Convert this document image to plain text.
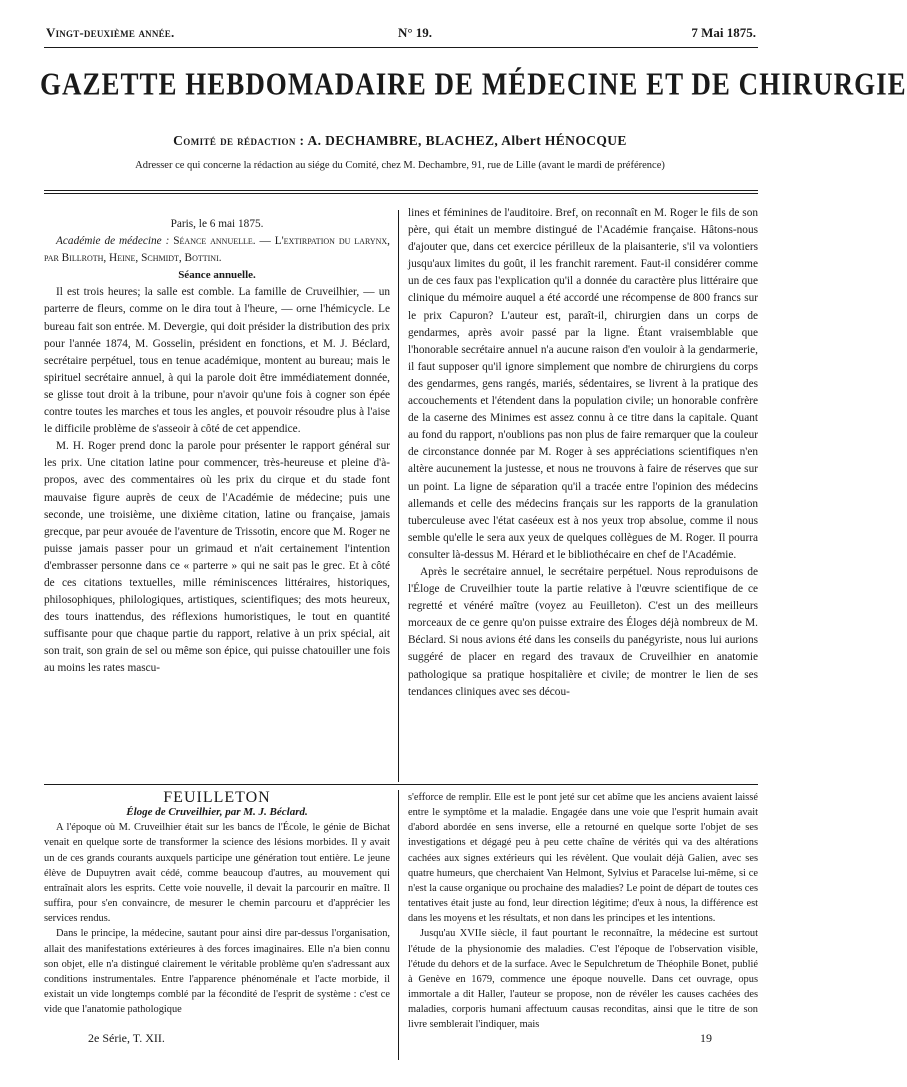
Vingt-deuxième année.	N° 19.	7 Mai 1875.
GAZETTE HEBDOMADAIRE DE MÉDECINE ET DE CHIRURGIE
Comité de rédaction : A. DECHAMBRE, BLACHEZ, Albert HÉNOCQUE
Adresser ce qui concerne la rédaction au siége du Comité, chez M. Dechambre, 91, rue de Lille (avant le mardi de préférence)

Paris, le 6 mai 1875.

Académie de médecine : Séance annuelle. — L'extirpation du larynx, par Billroth, Heine, Schmidt, Bottini.

Séance annuelle.

Il est trois heures; la salle est comble. La famille de Cruveilhier, — un parterre de fleurs, comme on le dira tout à l'heure, — orne l'hémicycle. Le bureau fait son entrée. M. Devergie, qui doit présider la distribution des prix pour l'année 1874, M. Gosselin, président en fonctions, et M. J. Béclard, secrétaire perpétuel, tous en tenue académique, montent au bureau; mais le spirituel secrétaire annuel, à qui la parole doit être immédiatement donnée, se glisse tout droit à la tribune, pour n'avoir qu'une fois à cogner son épée contre toutes les marches et tous les angles, et pouvoir résoudre plus à l'aise le difficile problème de s'asseoir à côté de cet appendice.

M. H. Roger prend donc la parole pour présenter le rapport général sur les prix. Une citation latine pour commencer, très-heureuse et pleine d'à-propos, avec des commentaires où les prix du cirque et du stade font mauvaise figure auprès de ceux de l'Académie de médecine; puis une seconde, une troisième, une dixième citation, latine ou française, jamais grecque, par peur avouée de l'aventure de Trissotin, encore que M. Roger ne puisse jamais passer pour un grimaud et n'ait certainement l'intention d'embrasser personne dans ce « parterre » qui ne sait pas le grec. Et à côté de ces citations textuelles, mille réminiscences littéraires, historiques, philosophiques, philologiques, artistiques, scientifiques; des mots heureux, des tours inattendus, des réflexions humoristiques, le tout en quantité suffisante pour que chaque partie du rapport, relative à un prix spécial, ait son trait, son grain de sel ou même son épice, qui puisse chatouiller une fois au moins les rates mascu-

lines et féminines de l'auditoire. Bref, on reconnaît en M. Roger le fils de son père, qui était un membre distingué de l'Académie française. Hâtons-nous d'ajouter que, dans cet exercice périlleux de la plaisanterie, s'il va volontiers jusqu'aux limites du goût, il les franchit rarement. Faut-il considérer comme un de ces faux pas l'explication qu'il a donnée du caractère plus littéraire que clinique du mémoire auquel a été accordé une récompense de 800 francs sur le prix Capuron? L'auteur est, paraît-il, chirurgien dans un corps de gendarmes, après avoir passé par la ligne. Étant vraisemblable que l'honorable secrétaire annuel n'a aucune raison d'en vouloir à la gendarmerie, il faut supposer qu'il ignore simplement que nombre de chirurgiens du corps des gendarmes, gens rangés, mariés, sédentaires, se livrent à la pratique des accouchements et l'étendent dans la population civile; un honorable confrère de la caserne des Minimes est assez connu à ce titre dans la capitale. Quant au fond du rapport, n'oublions pas non plus de faire remarquer que la couleur de circonstance donnée par M. Roger à ses appréciations scientifiques n'en altère aucunement la justesse, et nous ne trouvons à faire de réserves que sur un point. La ligne de séparation qu'il a tracée entre l'opinion des médecins allemands et celle des médecins français sur les rapports de la granulation tuberculeuse avec l'état caséeux est à nos yeux trop absolue, comme il nous semble qu'elle le sera aux yeux de quelques collègues de M. Roger. Il pourra consulter là-dessus M. Hérard et le bibliothécaire en chef de l'Académie.

Après le secrétaire annuel, le secrétaire perpétuel. Nous reproduisons de l'Éloge de Cruveilhier toute la partie relative à l'œuvre scientifique de ce regretté et vénéré maître (voyez au Feuilleton). C'est un des meilleurs morceaux de ce genre qu'on puisse extraire des Éloges déjà nombreux de M. Béclard. Si nous avions été dans les conseils du panégyriste, nous lui aurions suggéré de placer en regard des travaux de Cruveilhier en anatomie pathologique sa pratique hospitalière et civile; de montrer le lien de ses tendances cliniques avec ses décou-

FEUILLETON

Éloge de Cruveilhier, par M. J. Béclard.

A l'époque où M. Cruveilhier était sur les bancs de l'École, le génie de Bichat venait en quelque sorte de transformer la science des lésions morbides. Il y avait un de ces grands courants auxquels participe une génération tout entière. Le jeune élève de Dupuytren avait cédé, comme beaucoup d'autres, au mouvement qui entraînait alors les esprits. Cette voie nouvelle, il devait la parcourir en maître. Il suffira, pour s'en convaincre, de mesurer le chemin parcouru et d'apprécier les services rendus.

Dans le principe, la médecine, sautant pour ainsi dire par-dessus l'organisation, allait des manifestations extérieures à des forces imaginaires. Elle n'a bien connu son objet, elle n'a distingué clairement le véritable problème qu'en s'adressant aux conditions instrumentales. Entre l'apparence phénoménale et l'acte morbide, il existait un vide longtemps comblé par la fécondité de l'esprit de système : c'est ce vide que l'anatomie pathologique

s'efforce de remplir. Elle est le pont jeté sur cet abîme que les anciens avaient laissé entre le symptôme et la maladie. Engagée dans une voie que l'esprit humain avait d'abord abordée en sens inverse, elle a retourné en quelque sorte l'objet de ses investigations et dégagé peu à peu cette chaîne de vérités qui va des altérations cachées aux signes extérieurs qui les révèlent. Que voulait déjà Galien, avec ses quatre humeurs, que cherchaient Van Helmont, Sylvius et Paracelse lui-même, si ce n'est la cause organique ou prochaine des maladies? Le point de départ de toutes ces tentatives était juste au fond, leur direction légitime; d'eux à nous, la différence est dans les moyens et les résultats, et non dans les principes et les intentions.

Jusqu'au XVIIe siècle, il faut pourtant le reconnaître, la médecine est surtout l'étude de la physionomie des maladies. C'est l'époque de l'observation visible, l'étude du dehors et de la surface. Avec le Sepulchretum de Théophile Bonet, publié à Genève en 1679, commence une époque nouvelle. Dans cet ouvrage, opus immortale a dit Haller, l'auteur se propose, non de révéler les causes cachées des maladies, corporis humani affectuum causas reconditas, ainsi que le titre de son livre semblerait l'indiquer, mais

2e Série, T. XII.	19
